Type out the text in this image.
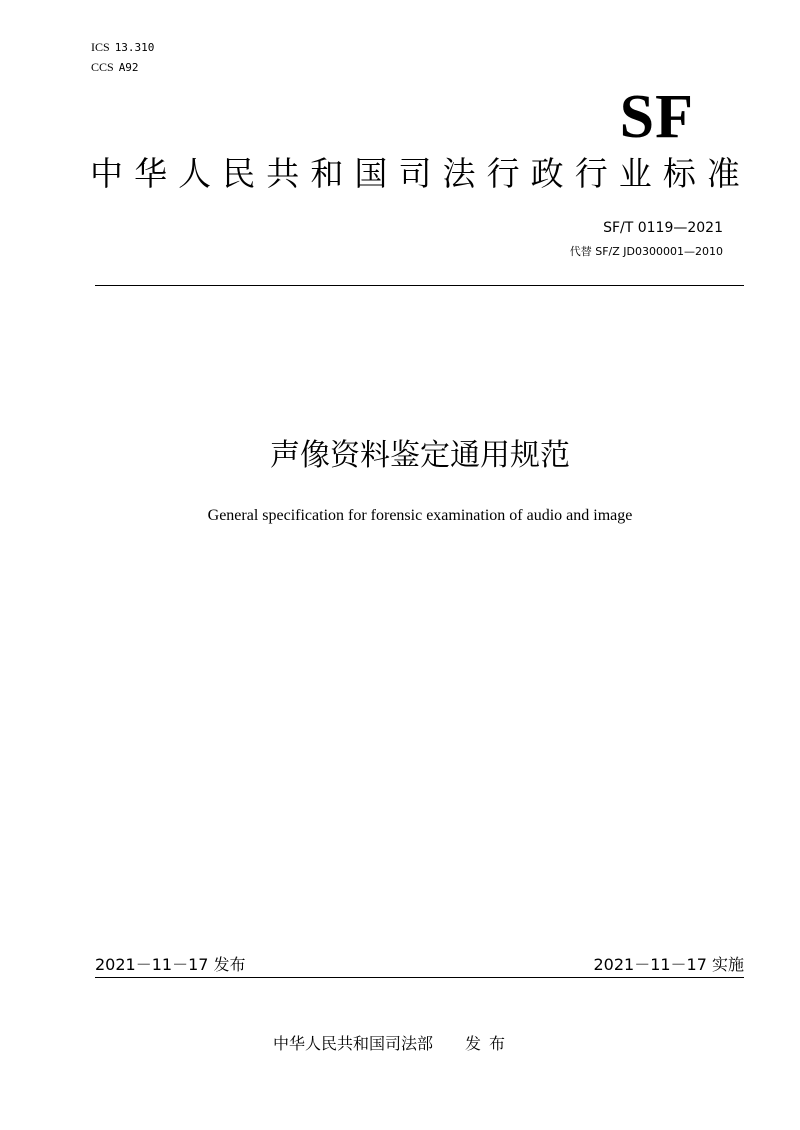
ICS 13.310
CCS A92
SF
中 华 人 民 共 和 国 司 法 行 政 行 业 标 准
SF/T 0119—2021
代替 SF/Z JD0300001—2010
声像资料鉴定通用规范
General specification for forensic examination of audio and image
2021－11－17 发布	2021－11－17 实施
中华人民共和国司法部 发布
